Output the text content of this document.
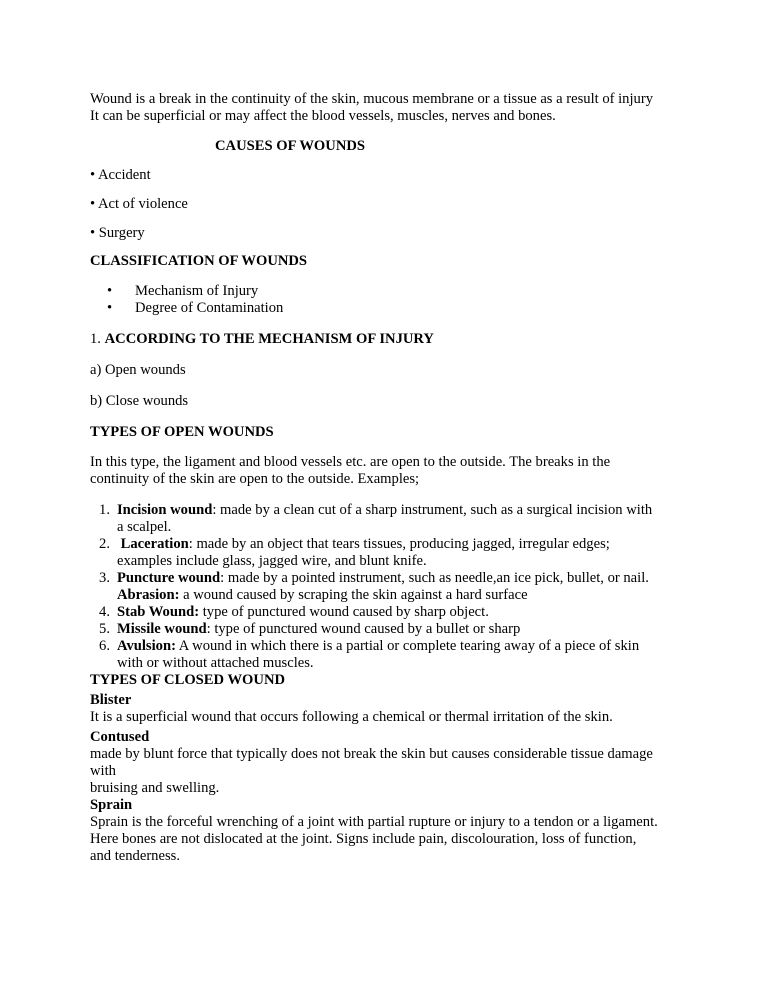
Wound is a break in the continuity of the skin, mucous membrane or a tissue as a result of injury

It can be superficial or may affect the blood vessels, muscles, nerves and bones.

CAUSES OF WOUNDS

• Accident

• Act of violence

• Surgery

CLASSIFICATION OF WOUNDS

• Mechanism of Injury
• Degree of Contamination

1. ACCORDING TO THE MECHANISM OF INJURY

a) Open wounds

b) Close wounds

TYPES OF OPEN WOUNDS

In this type, the ligament and blood vessels etc. are open to the outside. The breaks in the

continuity of the skin are open to the outside. Examples;

1. Incision wound: made by a clean cut of a sharp instrument, such as a surgical incision with
a scalpel.
2. Laceration: made by an object that tears tissues, producing jagged, irregular edges;
examples include glass, jagged wire, and blunt knife.
3. Puncture wound: made by a pointed instrument, such as needle,an ice pick, bullet, or nail.
Abrasion: a wound caused by scraping the skin against a hard surface
4. Stab Wound: type of punctured wound caused by sharp object.
5. Missile wound: type of punctured wound caused by a bullet or sharp
6. Avulsion: A wound in which there is a partial or complete tearing away of a piece of skin
with or without attached muscles.

TYPES OF CLOSED WOUND

Blister

It is a superficial wound that occurs following a chemical or thermal irritation of the skin.

Contused

made by blunt force that typically does not break the skin but causes considerable tissue damage

with

bruising and swelling.

Sprain

Sprain is the forceful wrenching of a joint with partial rupture or injury to a tendon or a ligament.

Here bones are not dislocated at the joint. Signs include pain, discolouration, loss of function,

and tenderness.
